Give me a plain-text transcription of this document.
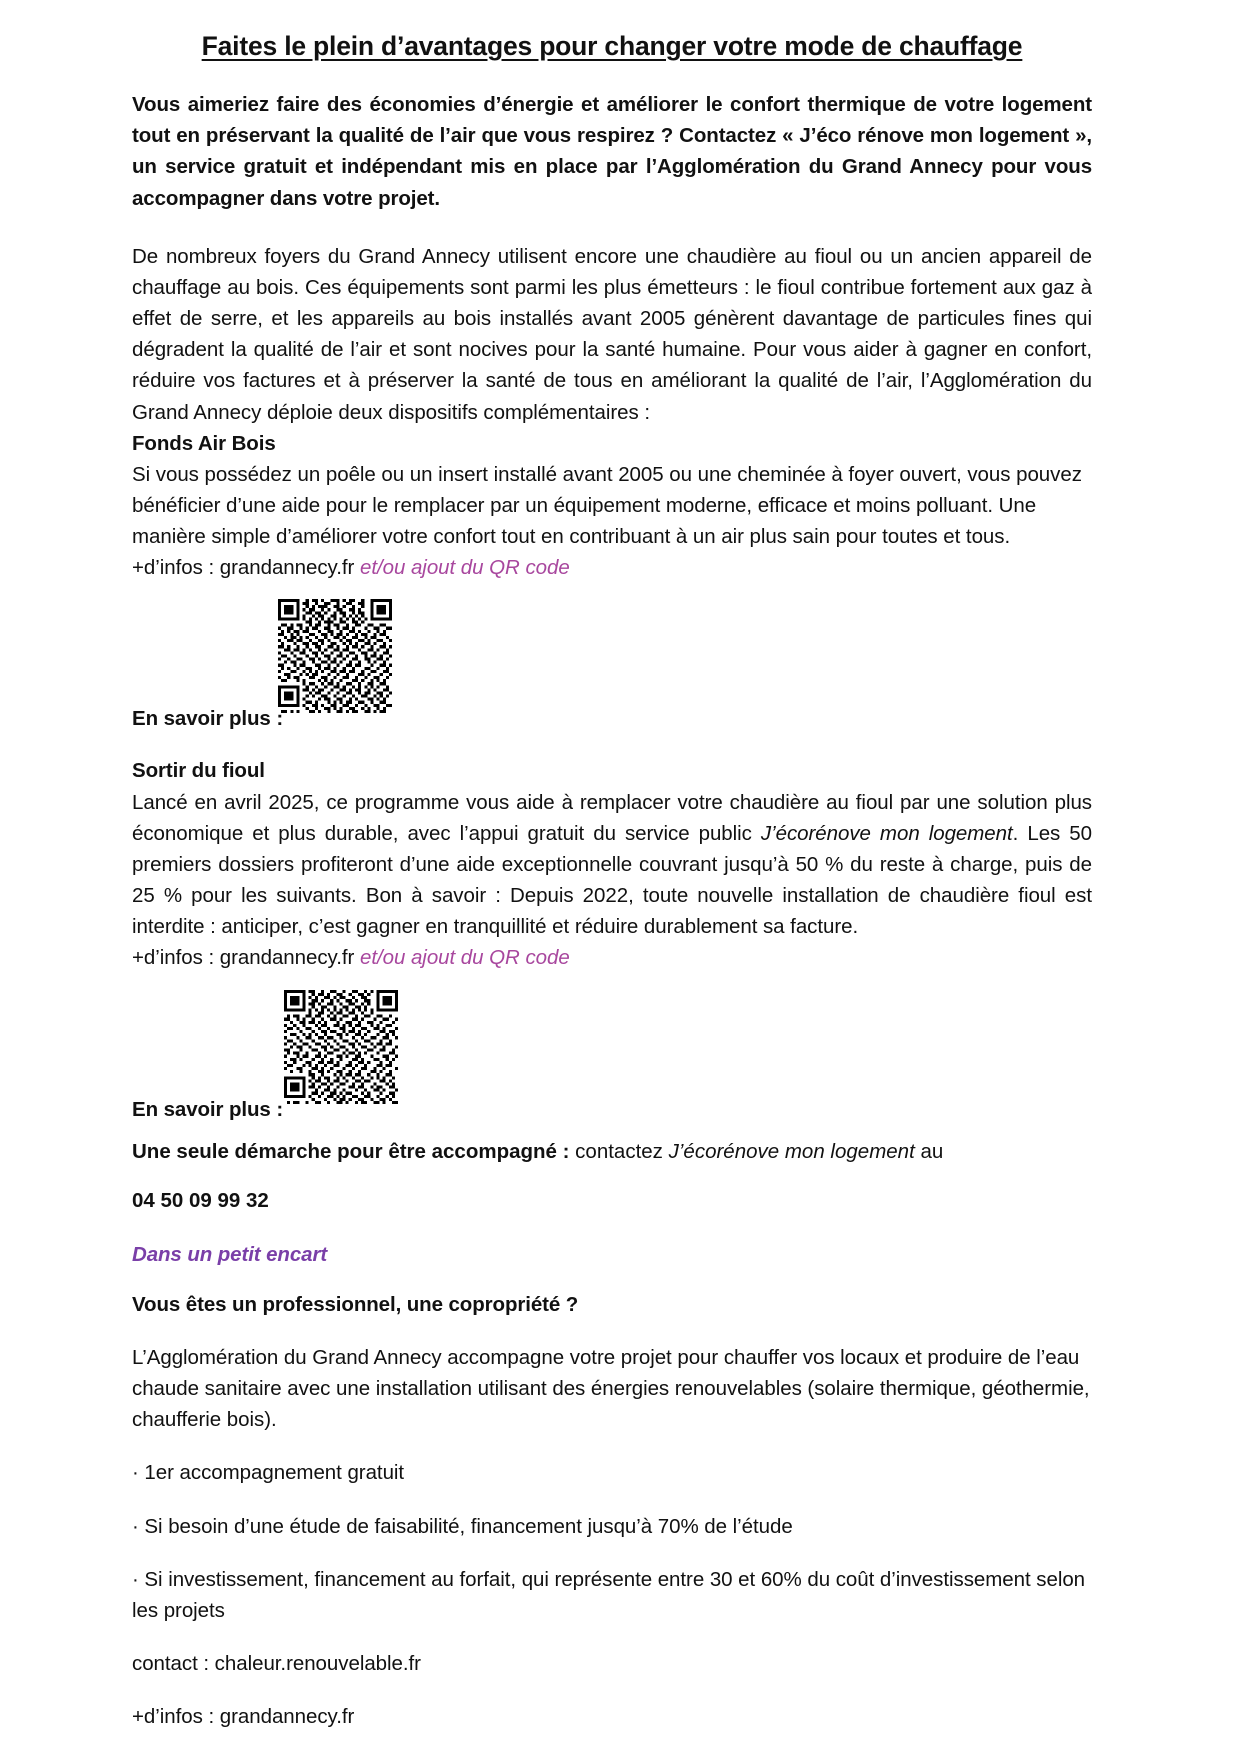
Faites le plein d’avantages pour changer votre mode de chauffage

Vous aimeriez faire des économies d’énergie et améliorer le confort thermique de votre logement tout en préservant la qualité de l’air que vous respirez ? Contactez « J’éco rénove mon logement », un service gratuit et indépendant mis en place par l’Agglomération du Grand Annecy pour vous accompagner dans votre projet.

De nombreux foyers du Grand Annecy utilisent encore une chaudière au fioul ou un ancien appareil de chauffage au bois. Ces équipements sont parmi les plus émetteurs : le fioul contribue fortement aux gaz à effet de serre, et les appareils au bois installés avant 2005 génèrent davantage de particules fines qui dégradent la qualité de l’air et sont nocives pour la santé humaine. Pour vous aider à gagner en confort, réduire vos factures et à préserver la santé de tous en améliorant la qualité de l’air, l’Agglomération du Grand Annecy déploie deux dispositifs complémentaires :

Fonds Air Bois

Si vous possédez un poêle ou un insert installé avant 2005 ou une cheminée à foyer ouvert, vous pouvez bénéficier d’une aide pour le remplacer par un équipement moderne, efficace et moins polluant. Une manière simple d’améliorer votre confort tout en contribuant à un air plus sain pour toutes et tous.

+d’infos : grandannecy.fr et/ou ajout du QR code

En savoir plus :

Sortir du fioul

Lancé en avril 2025, ce programme vous aide à remplacer votre chaudière au fioul par une solution plus économique et plus durable, avec l’appui gratuit du service public J’écorénove mon logement. Les 50 premiers dossiers profiteront d’une aide exceptionnelle couvrant jusqu’à 50 % du reste à charge, puis de 25 % pour les suivants. Bon à savoir : Depuis 2022, toute nouvelle installation de chaudière fioul est interdite : anticiper, c’est gagner en tranquillité et réduire durablement sa facture.

+d’infos : grandannecy.fr et/ou ajout du QR code

En savoir plus :

Une seule démarche pour être accompagné : contactez J’écorénove mon logement au

04 50 09 99 32

Dans un petit encart

Vous êtes un professionnel, une copropriété ?

L’Agglomération du Grand Annecy accompagne votre projet pour chauffer vos locaux et produire de l’eau chaude sanitaire avec une installation utilisant des énergies renouvelables (solaire thermique, géothermie, chaufferie bois).

· 1er accompagnement gratuit

· Si besoin d’une étude de faisabilité, financement jusqu’à 70% de l’étude

· Si investissement, financement au forfait, qui représente entre 30 et 60% du coût d’investissement selon les projets

contact : chaleur.renouvelable.fr

+d’infos : grandannecy.fr
